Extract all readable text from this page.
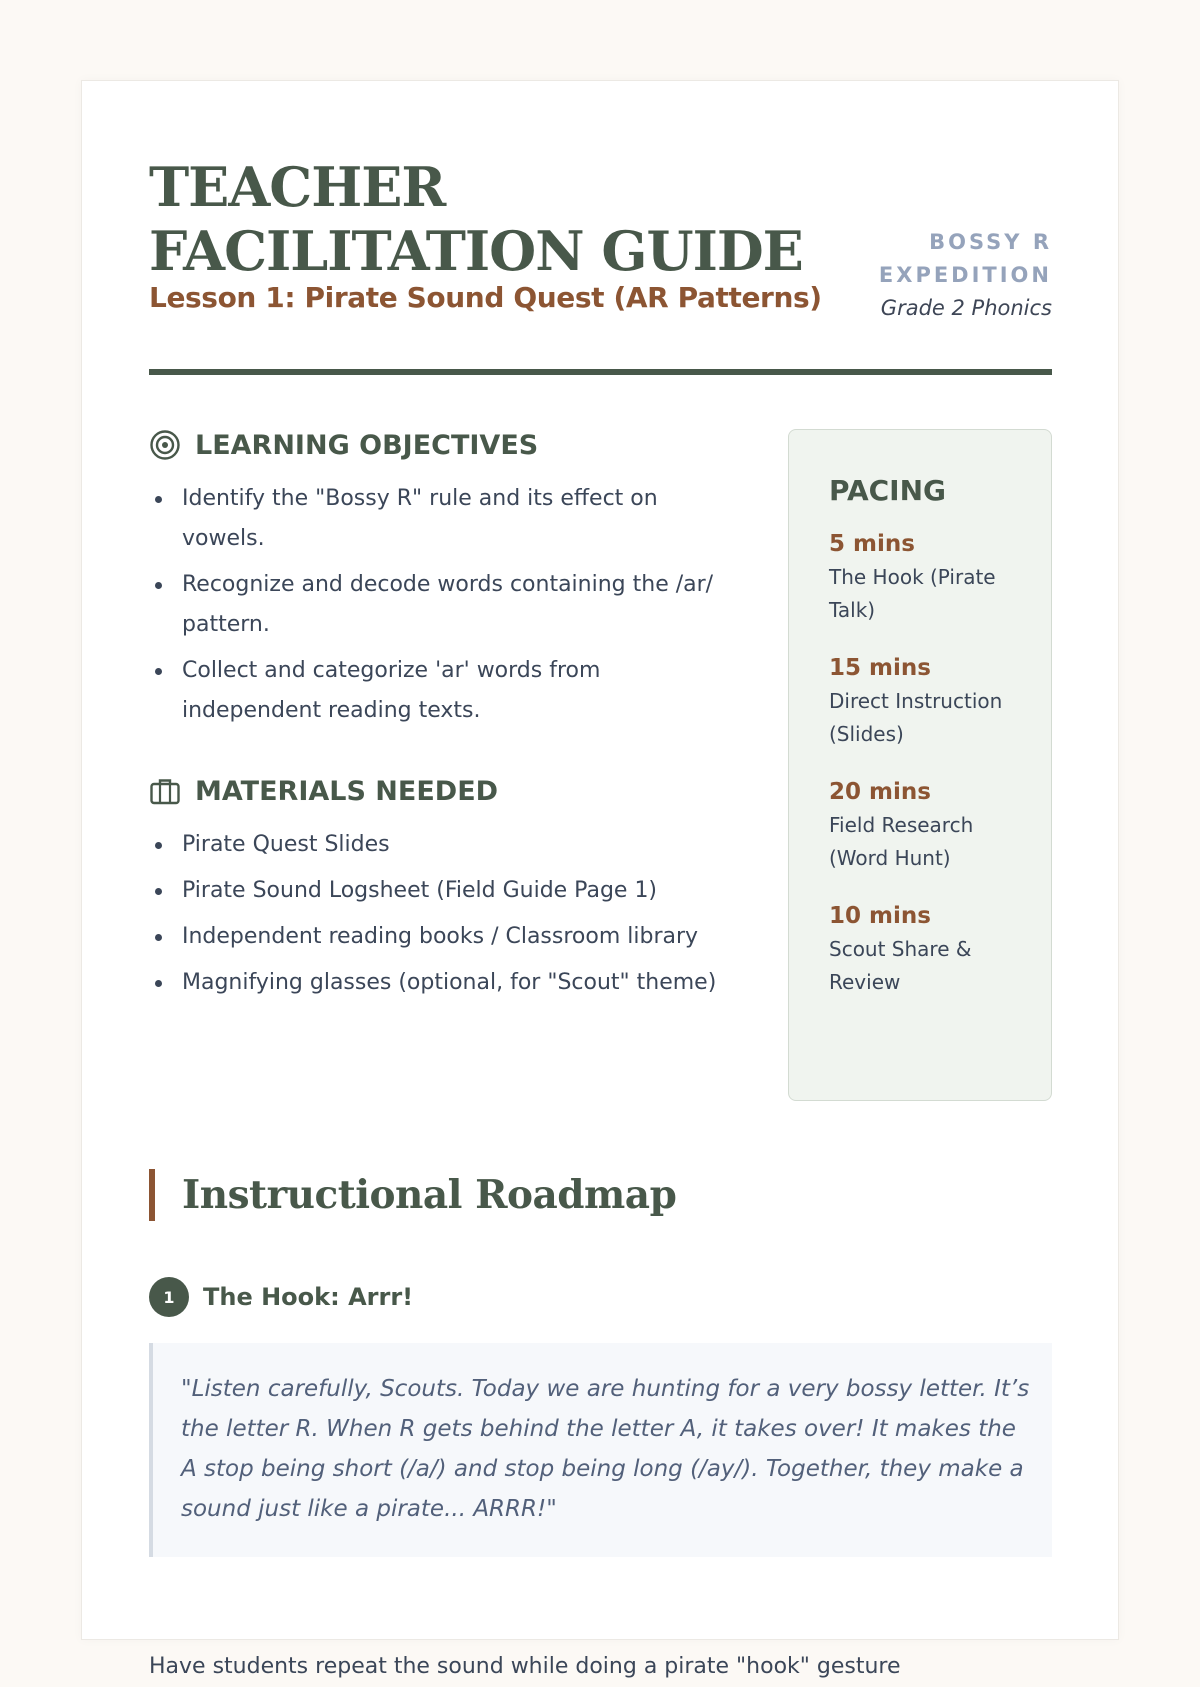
TEACHER
FACILITATION GUIDE

Lesson 1: Pirate Sound Quest (AR Patterns)

BOSSY R EXPEDITION
Grade 2 Phonics
LEARNING OBJECTIVES
Identify the "Bossy R" rule and its effect on vowels.
Recognize and decode words containing the /ar/ pattern.
Collect and categorize 'ar' words from independent reading texts.
MATERIALS NEEDED
Pirate Quest Slides
Pirate Sound Logsheet (Field Guide Page 1)
Independent reading books / Classroom library
Magnifying glasses (optional, for "Scout" theme)
PACING
5 mins
The Hook (Pirate Talk)
15 mins
Direct Instruction (Slides)
20 mins
Field Research (Word Hunt)
10 mins
Scout Share & Review
Instructional Roadmap
1	The Hook: Arrr!
"Listen carefully, Scouts. Today we are hunting for a very bossy letter. It’s the letter R. When R gets behind the letter A, it takes over! It makes the A stop being short (/a/) and stop being long (/ay/). Together, they make a sound just like a pirate... ARRR!"

Have students repeat the sound while doing a pirate "hook" gesture
